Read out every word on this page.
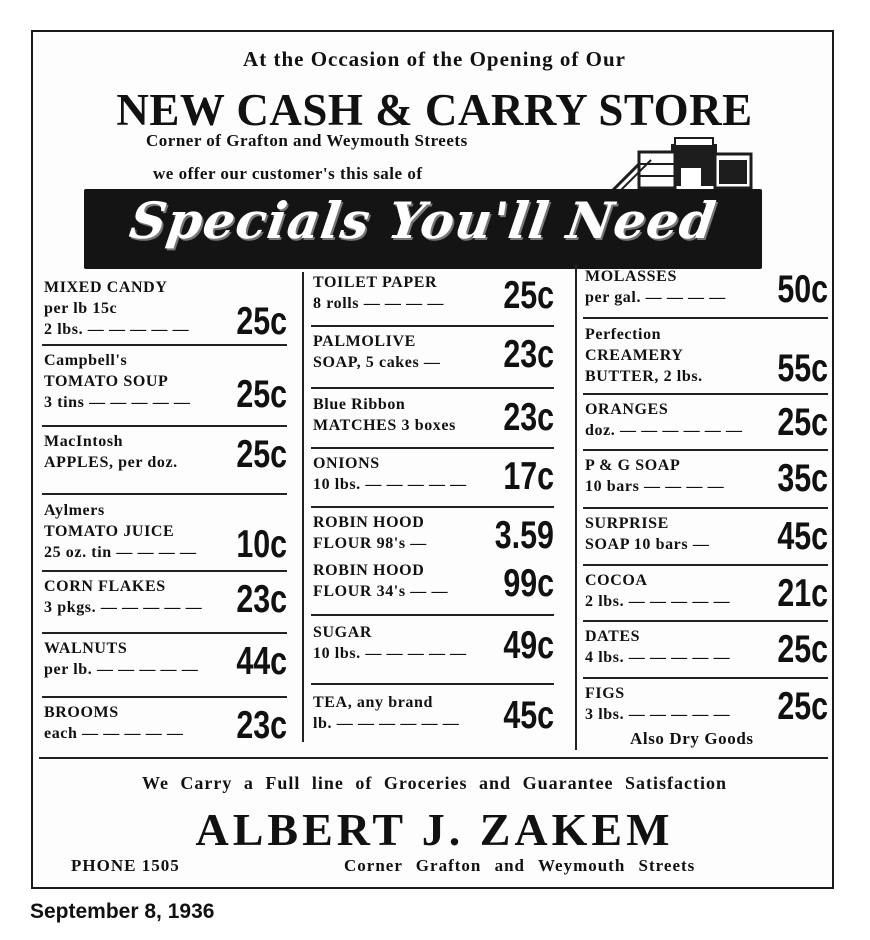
At the Occasion of the Opening of Our
NEW CASH & CARRY STORE
Corner of Grafton and Weymouth Streets
we offer our customer's this sale of
Specials You'll Need
MIXED CANDY
per lb 15c
2 lbs. — — — — — 25c
Campbell's
TOMATO SOUP
3 tins — — — — — 25c
MacIntosh
APPLES, per doz. 25c
Aylmers
TOMATO JUICE
25 oz. tin — — — — 10c
CORN FLAKES
3 pkgs. — — — — — 23c
WALNUTS
per lb. — — — — — 44c
BROOMS
each — — — — — 23c
TOILET PAPER
8 rolls — — — — 25c
PALMOLIVE
SOAP, 5 cakes — 23c
Blue Ribbon
MATCHES 3 boxes 23c
ONIONS
10 lbs. — — — — — 17c
ROBIN HOOD
FLOUR 98's — 3.59
ROBIN HOOD
FLOUR 34's — — 99c
SUGAR
10 lbs. — — — — — 49c
TEA, any brand
lb. — — — — — — 45c
MOLASSES
per gal. — — — — 50c
Perfection
CREAMERY
BUTTER, 2 lbs. 55c
ORANGES
doz. — — — — — — 25c
P & G SOAP
10 bars — — — — 35c
SURPRISE
SOAP 10 bars — 45c
COCOA
2 lbs. — — — — — 21c
DATES
4 lbs. — — — — — 25c
FIGS
3 lbs. — — — — — 25c
Also Dry Goods
We Carry a Full line of Groceries and Guarantee Satisfaction
ALBERT J. ZAKEM
PHONE 1505	Corner Grafton and Weymouth Streets
September 8, 1936
